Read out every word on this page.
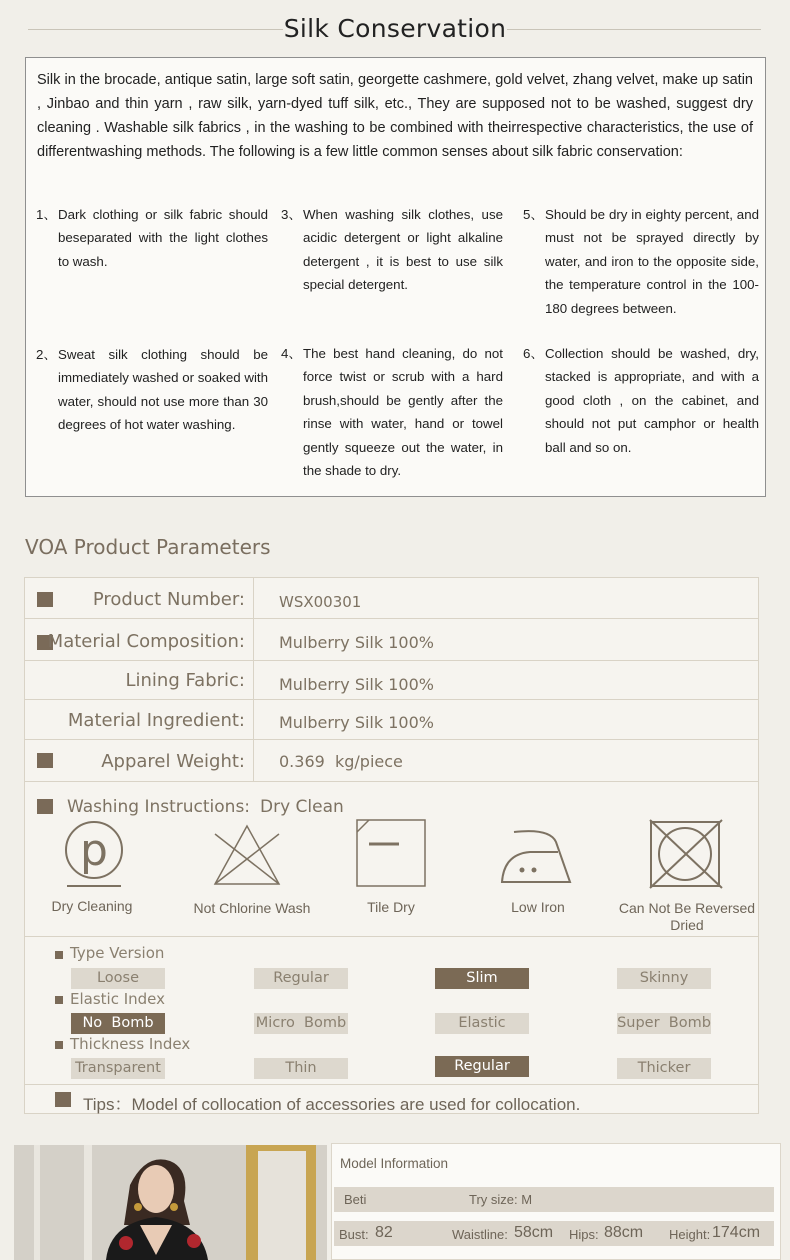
Silk Conservation

Silk in the brocade, antique satin, large soft satin, georgette cashmere, gold velvet, zhang velvet, make up satin , Jinbao and thin yarn , raw silk, yarn-dyed tuff silk, etc., They are supposed not to be washed, suggest dry cleaning . Washable silk fabrics , in the washing to be combined with theirrespective characteristics, the use of differentwashing methods. The following is a few little common senses about silk fabric conservation:

1、 Dark clothing or silk fabric should beseparated with the light clothes to wash.
2、 Sweat silk clothing should be immediately washed or soaked with water, should not use more than 30 degrees of hot water washing.
3、 When washing silk clothes, use acidic detergent or light alkaline detergent , it is best to use silk special detergent.
4、 The best hand cleaning, do not force twist or scrub with a hard brush,should be gently after the rinse with water, hand or towel gently squeeze out the water, in the shade to dry.
5、 Should be dry in eighty percent, and must not be sprayed directly by water, and iron to the opposite side, the temperature control in the 100-180 degrees between.
6、 Collection should be washed, dry, stacked is appropriate, and with a good cloth , on the cabinet, and should not put camphor or health ball and so on.
VOA Product Parameters
Product Number: WSX00301
Material Composition: Mulberry Silk 100%
Lining Fabric: Mulberry Silk 100%
Material Ingredient: Mulberry Silk 100%
Apparel Weight: 0.369  kg/piece
Washing Instructions: Dry Clean
p
Dry Cleaning	Not Chlorine Wash	Tile Dry	Low Iron	Can Not Be Reversed Dried
Type Version
Loose	Regular	Slim	Skinny
Elastic Index
No  Bomb	Micro  Bomb	Elastic	Super  Bomb
Thickness Index
Transparent	Thin	Regular	Thicker
Tips：Model of collocation of accessories are used for collocation.
Model Information
Beti	Try size: M
Bust: 82	Waistline: 58cm Hips: 88cm Height: 174cm
